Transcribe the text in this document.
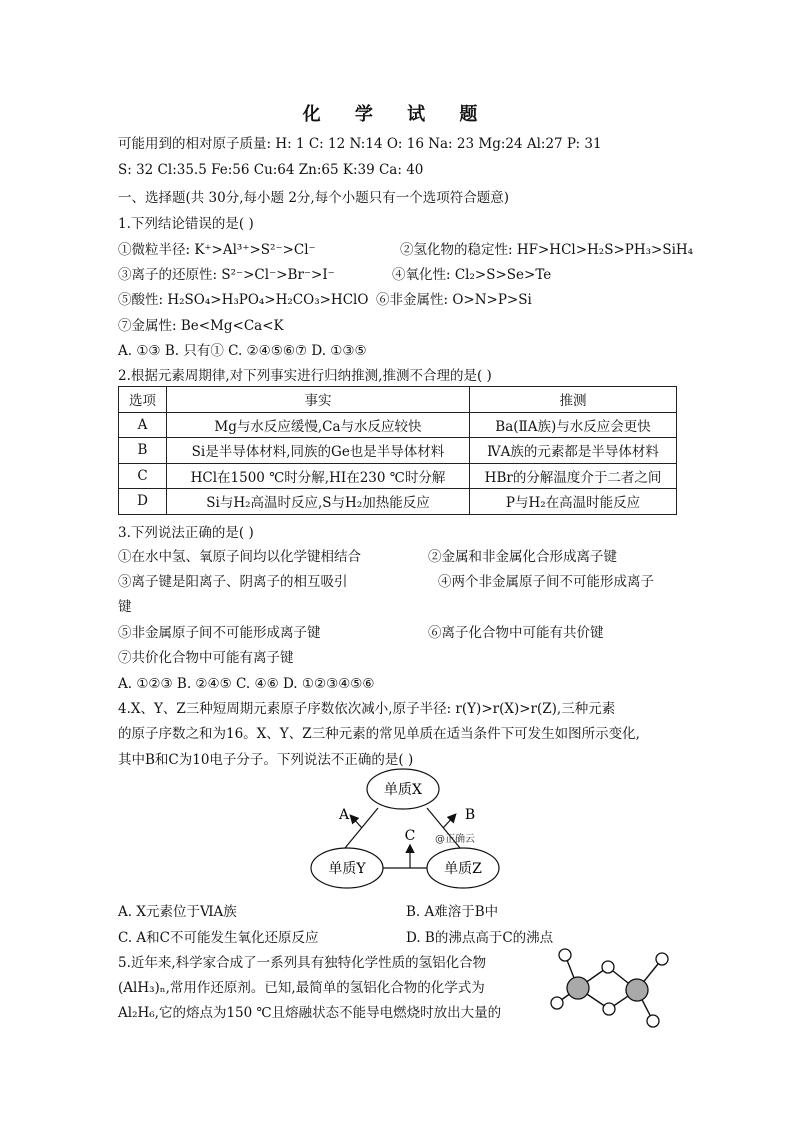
化 学 试 题
可能用到的相对原子质量: H: 1 C: 12 N:14 O: 16 Na: 23 Mg:24 Al:27 P: 31
S: 32 Cl:35.5 Fe:56 Cu:64 Zn:65 K:39 Ca: 40
一、选择题(共 30分,每小题 2分,每个小题只有一个选项符合题意)
1.下列结论错误的是( )
①微粒半径: K⁺>Al³⁺>S²⁻>Cl⁻	②氢化物的稳定性: HF>HCl>H₂S>PH₃>SiH₄
③离子的还原性: S²⁻>Cl⁻>Br⁻>I⁻	④氧化性: Cl₂>S>Se>Te
⑤酸性: H₂SO₄>H₃PO₄>H₂CO₃>HClO ⑥非金属性: O>N>P>Si
⑦金属性: Be<Mg<Ca<K
A. ①③ B. 只有① C. ②④⑤⑥⑦ D. ①③⑤
2.根据元素周期律,对下列事实进行归纳推测,推测不合理的是( )
选项	事实	推测
A	Mg与水反应缓慢,Ca与水反应较快	Ba(ⅡA族)与水反应会更快
B	Si是半导体材料,同族的Ge也是半导体材料	ⅣA族的元素都是半导体材料
C	HCl在1500 ℃时分解,HI在230 ℃时分解	HBr的分解温度介于二者之间
D	Si与H₂高温时反应,S与H₂加热能反应	P与H₂在高温时能反应
3.下列说法正确的是( )
①在水中氢、氧原子间均以化学键相结合	②金属和非金属化合形成离子键
③离子键是阳离子、阴离子的相互吸引	④两个非金属原子间不可能形成离子
键
⑤非金属原子间不可能形成离子键	⑥离子化合物中可能有共价键
⑦共价化合物中可能有离子键
A. ①②③ B. ②④⑤ C. ④⑥ D. ①②③④⑤⑥
4.X、Y、Z三种短周期元素原子序数依次减小,原子半径: r(Y)>r(X)>r(Z),三种元素
的原子序数之和为16。X、Y、Z三种元素的常见单质在适当条件下可发生如图所示变化,
其中B和C为10电子分子。下列说法不正确的是( )
单质X
单质Y	单质Z
A	B
C @正确云
A. X元素位于ⅥA族	B. A难溶于B中
C. A和C不可能发生氧化还原反应	D. B的沸点高于C的沸点
5.近年来,科学家合成了一系列具有独特化学性质的氢铝化合物
(AlH₃)ₙ,常用作还原剂。已知,最简单的氢铝化合物的化学式为
Al₂H₆,它的熔点为150 ℃且熔融状态不能导电燃烧时放出大量的
